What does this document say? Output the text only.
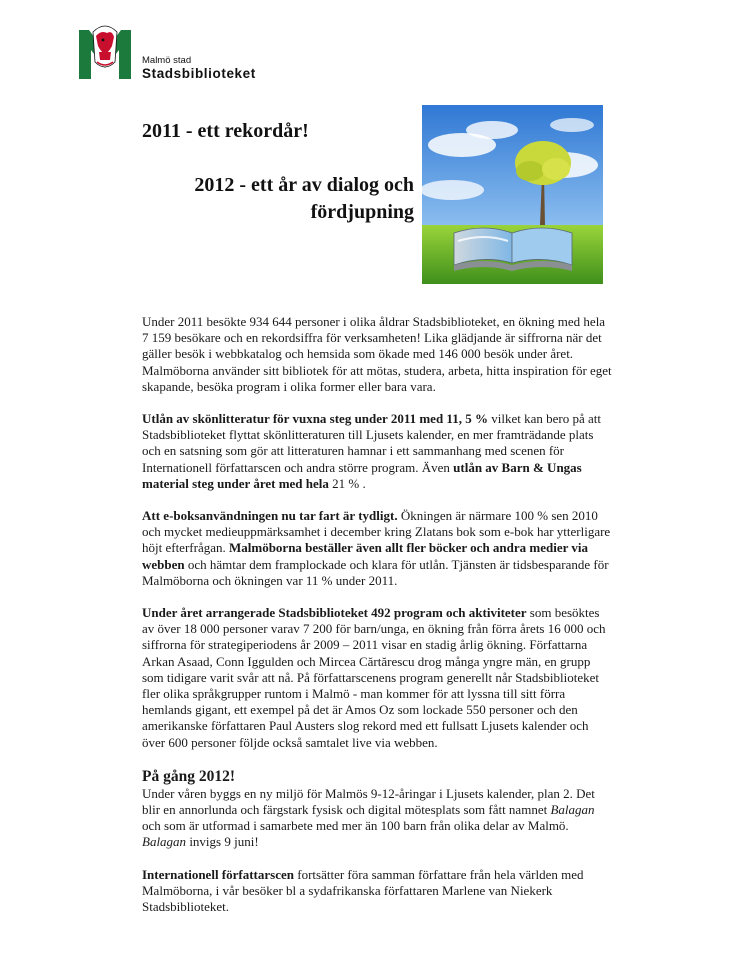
Malmö stad
Stadsbiblioteket
2011 - ett rekordår!
2012 - ett år av dialog och fördjupning

Under 2011 besökte 934 644 personer i olika åldrar Stadsbiblioteket, en ökning med hela 7 159 besökare och en rekordsiffra för verksamheten! Lika glädjande är siffrorna när det gäller besök i webbkatalog och hemsida som ökade med 146 000 besök under året. Malmöborna använder sitt bibliotek för att mötas, studera, arbeta, hitta inspiration för eget skapande, besöka program i olika former eller bara vara.

Utlån av skönlitteratur för vuxna steg under 2011 med 11, 5 % vilket kan bero på att Stadsbiblioteket flyttat skönlitteraturen till Ljusets kalender, en mer framträdande plats och en satsning som gör att litteraturen hamnar i ett sammanhang med scenen för Internationell författarscen och andra större program. Även utlån av Barn & Ungas material steg under året med hela 21 % .

Att e-boksanvändningen nu tar fart är tydligt. Ökningen är närmare 100 % sen 2010 och mycket medieuppmärksamhet i december kring Zlatans bok som e-bok har ytterligare höjt efterfrågan. Malmöborna beställer även allt fler böcker och andra medier via webben och hämtar dem framplockade och klara för utlån. Tjänsten är tidsbesparande för Malmöborna och ökningen var 11 % under 2011.

Under året arrangerade Stadsbiblioteket 492 program och aktiviteter som besöktes av över 18 000 personer varav 7 200 för barn/unga, en ökning från förra årets 16 000 och siffrorna för strategiperiodens år 2009 – 2011 visar en stadig årlig ökning. Författarna Arkan Asaad, Conn Iggulden och Mircea Cărtărescu drog många yngre män, en grupp som tidigare varit svår att nå. På författarscenens program generellt når Stadsbiblioteket fler olika språkgrupper runtom i Malmö - man kommer för att lyssna till sitt förra hemlands gigant, ett exempel på det är Amos Oz som lockade 550 personer och den amerikanske författaren Paul Austers slog rekord med ett fullsatt Ljusets kalender och över 600 personer följde också samtalet live via webben.

På gång 2012!

Under våren byggs en ny miljö för Malmös 9-12-åringar i Ljusets kalender, plan 2. Det blir en annorlunda och färgstark fysisk och digital mötesplats som fått namnet Balagan och som är utformad i samarbete med mer än 100 barn från olika delar av Malmö. Balagan invigs 9 juni!

Internationell författarscen fortsätter föra samman författare från hela världen med Malmöborna, i vår besöker bl a sydafrikanska författaren Marlene van Niekerk Stadsbiblioteket.
